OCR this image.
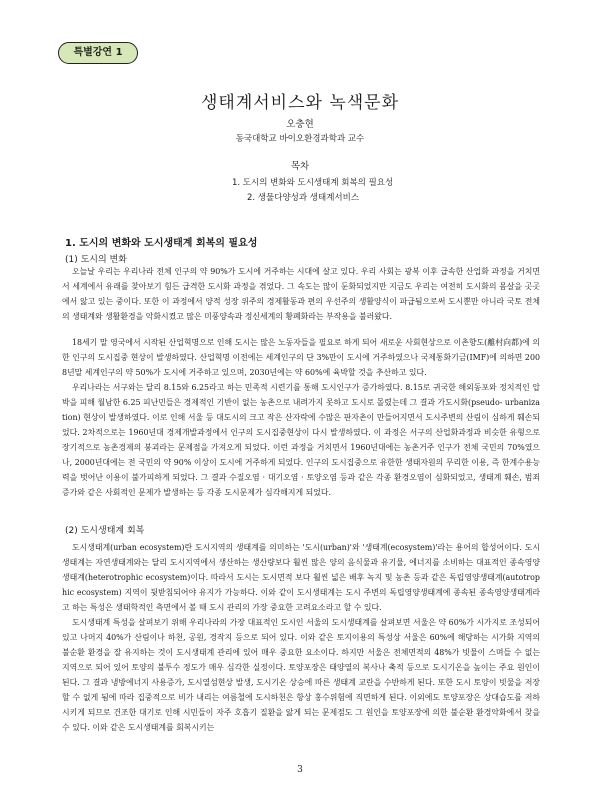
특별강연 1
생태계서비스와 녹색문화
오충현
동국대학교 바이오환경과학과 교수
목차
1. 도시의 변화와 도시생태계 회복의 필요성
2. 생물다양성과 생태계서비스
1. 도시의 변화와 도시생태계 회복의 필요성
(1) 도시의 변화

오늘날 우리는 우리나라 전체 인구의 약 90%가 도시에 거주하는 시대에 살고 있다. 우리 사회는 광복 이후 급속한 산업화 과정을 거치면서 세계에서 유래를 찾아보기 힘든 급격한 도시화 과정을 겪었다. 그 속도는 많이 둔화되었지만 지금도 우리는 여전히 도시화의 몸살을 곳곳에서 앓고 있는 중이다. 또한 이 과정에서 양적 성장 위주의 경제활동과 편의 우선주의 생활양식이 파급됨으로써 도시뿐만 아니라 국토 전체의 생태계와 생활환경을 악화시켰고 많은 미풍양속과 정신세계의 황폐화라는 부작용을 불러왔다.

18세기 말 영국에서 시작된 산업혁명으로 인해 도시는 많은 노동자들을 필요로 하게 되어 새로운 사회현상으로 이촌향도(離村向都)에 의한 인구의 도시집중 현상이 발생하였다. 산업혁명 이전에는 세계인구의 단 3%만이 도시에 거주하였으나 국제통화기금(IMF)에 의하면 2008년말 세계인구의 약 50%가 도시에 거주하고 있으며, 2030년에는 약 60%에 육박할 것을 추산하고 있다.

우리나라는 서구와는 달리 8.15와 6.25라고 하는 민족적 시련기를 통해 도시인구가 증가하였다. 8.15로 귀국한 해외동포와 정치적인 압박을 피해 월남한 6.25 피난민들은 경제적인 기반이 없는 농촌으로 내려가지 못하고 도시로 몰렸는데 그 결과 가도시화(pseudo- urbanization) 현상이 발생하였다. 이로 인해 서울 등 대도시의 크고 작은 산자락에 수많은 판자촌이 만들어지면서 도시주변의 산림이 심하게 훼손되었다. 2차적으로는 1960년대 경제개발과정에서 인구의 도시집중현상이 다시 발생하였다. 이 과정은 서구의 산업화과정과 비슷한 유형으로 장기적으로 농촌경제의 붕괴라는 문제점을 가져오게 되었다. 이런 과정을 거치면서 1960년대에는 농촌거주 인구가 전체 국민의 70%였으나, 2000년대에는 전 국민의 약 90% 이상이 도시에 거주하게 되었다. 인구의 도시집중으로 유한한 생태자원의 무리한 이용, 즉 한계수용능력을 벗어난 이용이 불가피하게 되었다. 그 결과 수질오염 · 대기오염 · 토양오염 등과 같은 각종 환경오염이 심화되었고, 생태계 훼손, 범죄 증가와 같은 사회적인 문제가 발생하는 등 각종 도시문제가 심각해지게 되었다.

(2) 도시생태계 회복

도시생태계(urban ecosystem)란 도시지역의 생태계를 의미하는 '도시(urban)'와 '생태계(ecosystem)'라는 용어의 합성어이다. 도시생태계는 자연생태계와는 달리 도시지역에서 생산하는 생산량보다 훨씬 많은 양의 음식물과 유기물, 에너지를 소비하는 대표적인 종속영양생태계(heterotrophic ecosystem)이다. 따라서 도시는 도시면적 보다 훨씬 넓은 배후 녹지 및 농촌 등과 같은 독립영양생태계(autotrophic ecosystem) 지역이 뒷받침되어야 유지가 가능하다. 이와 같이 도시생태계는 도시 주변의 독립영양생태계에 종속된 종속영양생태계라고 하는 특성은 생태학적인 측면에서 볼 때 도시 관리의 가장 중요한 고려요소라고 할 수 있다.

도시생태계 특성을 살펴보기 위해 우리나라의 가장 대표적인 도시인 서울의 도시생태계를 살펴보면 서울은 약 60%가 시가지로 조성되어 있고 나머지 40%가 산림이나 하천, 공원, 경작지 등으로 되어 있다. 이와 같은 토지이용의 특성상 서울은 60%에 해당하는 시가화 지역의 불순환 환경을 잘 유지하는 것이 도시생태계 관리에 있어 매우 중요한 요소이다. 하지만 서울은 전체면적의 48%가 빗물이 스며들 수 없는 지역으로 되어 있어 토양의 불투수 정도가 매우 심각한 실정이다. 토양포장은 태양열의 복사나 축적 등으로 도시기온을 높이는 주요 원인이 된다. 그 결과 냉방에너지 사용증가, 도시열섬현상 발생, 도시기온 상승에 따른 생태계 교란을 수반하게 된다. 또한 도시 토양이 빗물을 저장할 수 없게 됨에 따라 집중적으로 비가 내리는 여름철에 도시하천은 항상 홍수위험에 직면하게 된다. 이외에도 토양포장은 상대습도를 저하시키게 되므로 건조한 대기로 인해 시민들이 자주 호흡기 질환을 앓게 되는 문제점도 그 원인을 토양포장에 의한 불순환 환경악화에서 찾을 수 있다. 이와 같은 도시생태계를 회복시키는

3
